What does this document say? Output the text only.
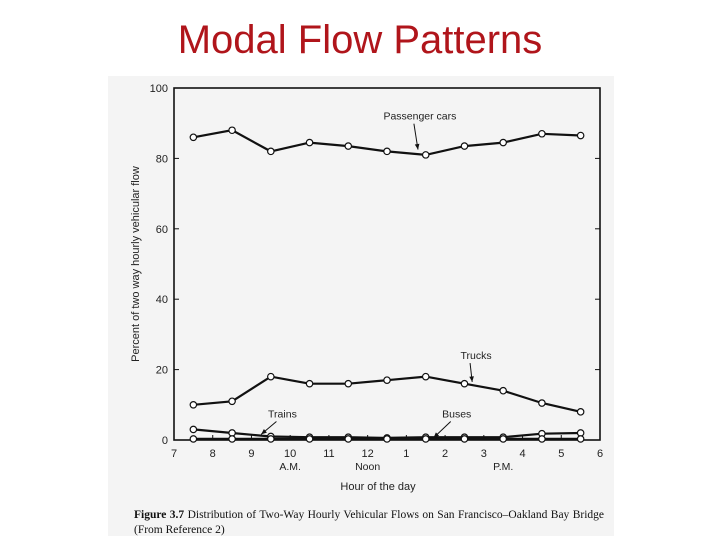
Modal Flow Patterns
0
20
40
60
80
100
7	8	9	10 11 12	1	2	3	4	5	6
A.M.	Noon	P.M.
Passenger cars
Trucks
Trains	Buses
Percent of two way hourly vehicular flow
Hour of the day
Figure 3.7 Distribution of Two-Way Hourly Vehicular Flows on San Francisco–Oakland Bay Bridge (From Reference 2)
